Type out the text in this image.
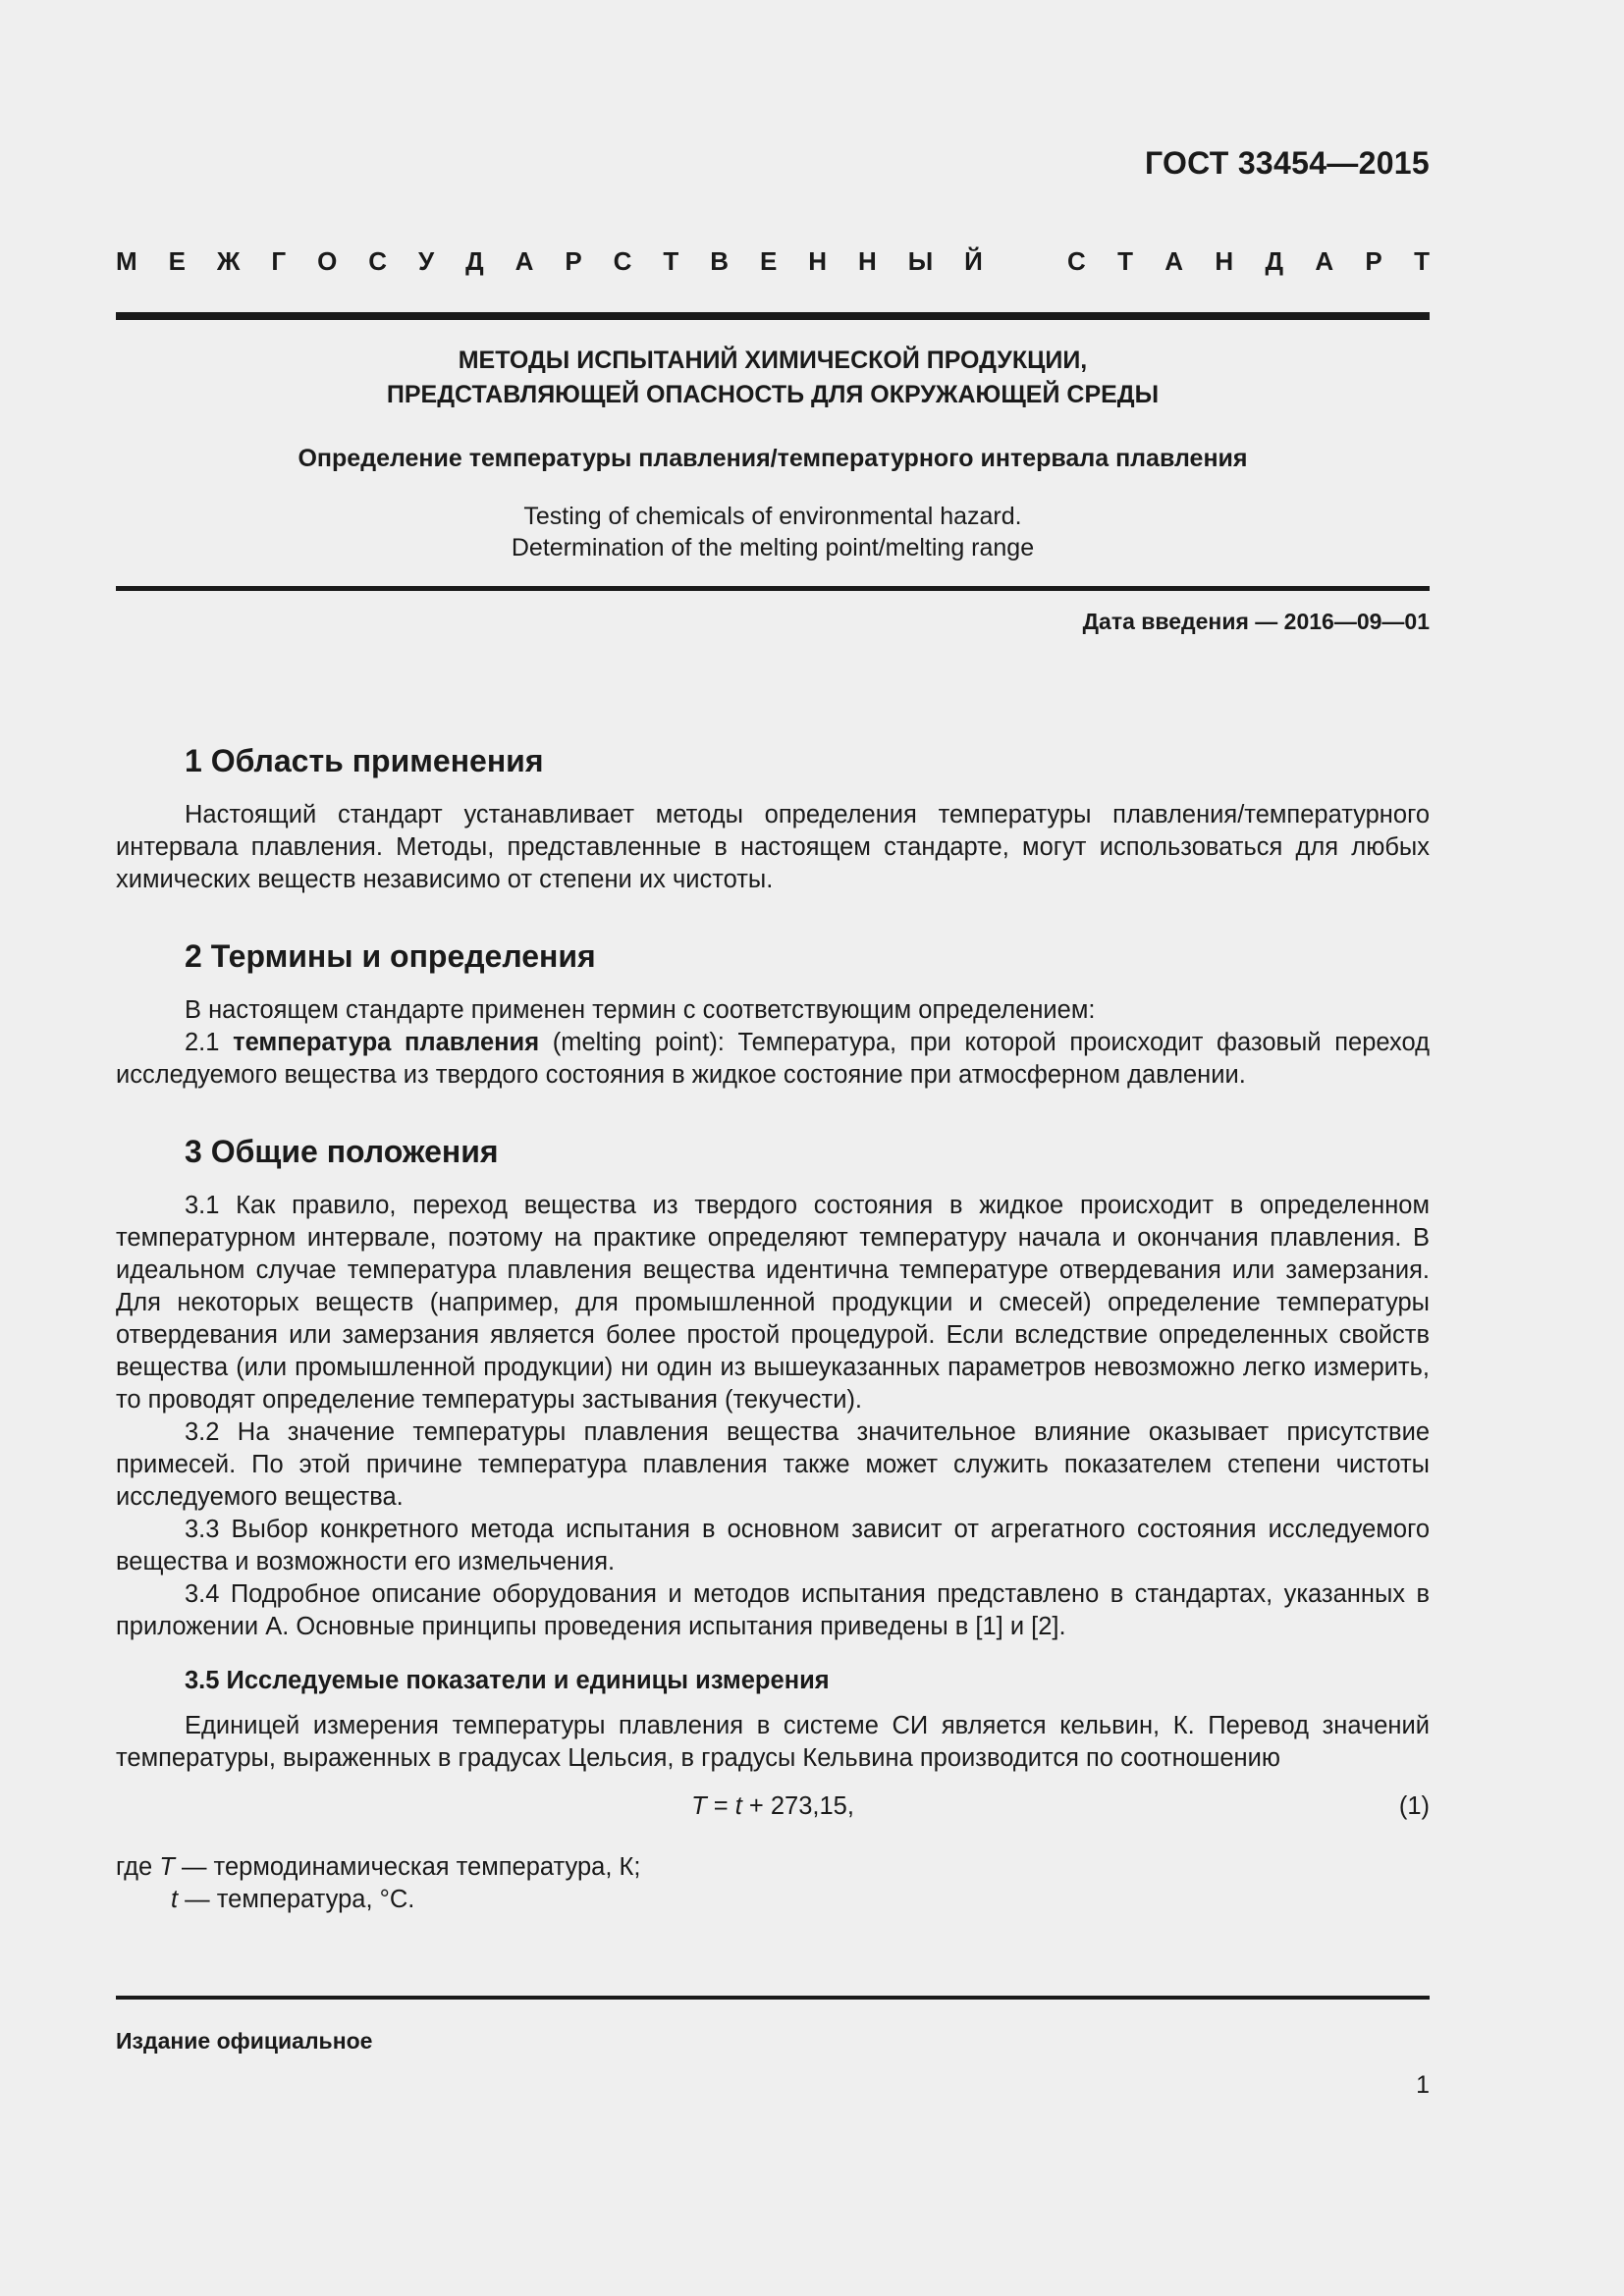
ГОСТ 33454—2015
М Е Ж Г О С У Д А Р С Т В Е Н Н Ы Й	С Т А Н Д А Р Т
МЕТОДЫ ИСПЫТАНИЙ ХИМИЧЕСКОЙ ПРОДУКЦИИ,
ПРЕДСТАВЛЯЮЩЕЙ ОПАСНОСТЬ ДЛЯ ОКРУЖАЮЩЕЙ СРЕДЫ
Определение температуры плавления/температурного интервала плавления
Testing of chemicals of environmental hazard.
Determination of the melting point/melting range
Дата введения — 2016—09—01
1 Область применения

Настоящий стандарт устанавливает методы определения температуры плавления/температурного интервала плавления. Методы, представленные в настоящем стандарте, могут использоваться для любых химических веществ независимо от степени их чистоты.

2 Термины и определения

В настоящем стандарте применен термин с соответствующим определением:

2.1 температура плавления (melting point): Температура, при которой происходит фазовый переход исследуемого вещества из твердого состояния в жидкое состояние при атмосферном давлении.

3 Общие положения

3.1 Как правило, переход вещества из твердого состояния в жидкое происходит в определенном температурном интервале, поэтому на практике определяют температуру начала и окончания плавления. В идеальном случае температура плавления вещества идентична температуре отвердевания или замерзания. Для некоторых веществ (например, для промышленной продукции и смесей) определение температуры отвердевания или замерзания является более простой процедурой. Если вследствие определенных свойств вещества (или промышленной продукции) ни один из вышеуказанных параметров невозможно легко измерить, то проводят определение температуры застывания (текучести).

3.2 На значение температуры плавления вещества значительное влияние оказывает присутствие примесей. По этой причине температура плавления также может служить показателем степени чистоты исследуемого вещества.

3.3 Выбор конкретного метода испытания в основном зависит от агрегатного состояния исследуемого вещества и возможности его измельчения.

3.4 Подробное описание оборудования и методов испытания представлено в стандартах, указанных в приложении А. Основные принципы проведения испытания приведены в [1] и [2].

3.5 Исследуемые показатели и единицы измерения

Единицей измерения температуры плавления в системе СИ является кельвин, К. Перевод значений температуры, выраженных в градусах Цельсия, в градусы Кельвина производится по соотношению

T = t + 273,15,	(1)

где T — термодинамическая температура, К;

t — температура, °С.

Издание официальное
1
